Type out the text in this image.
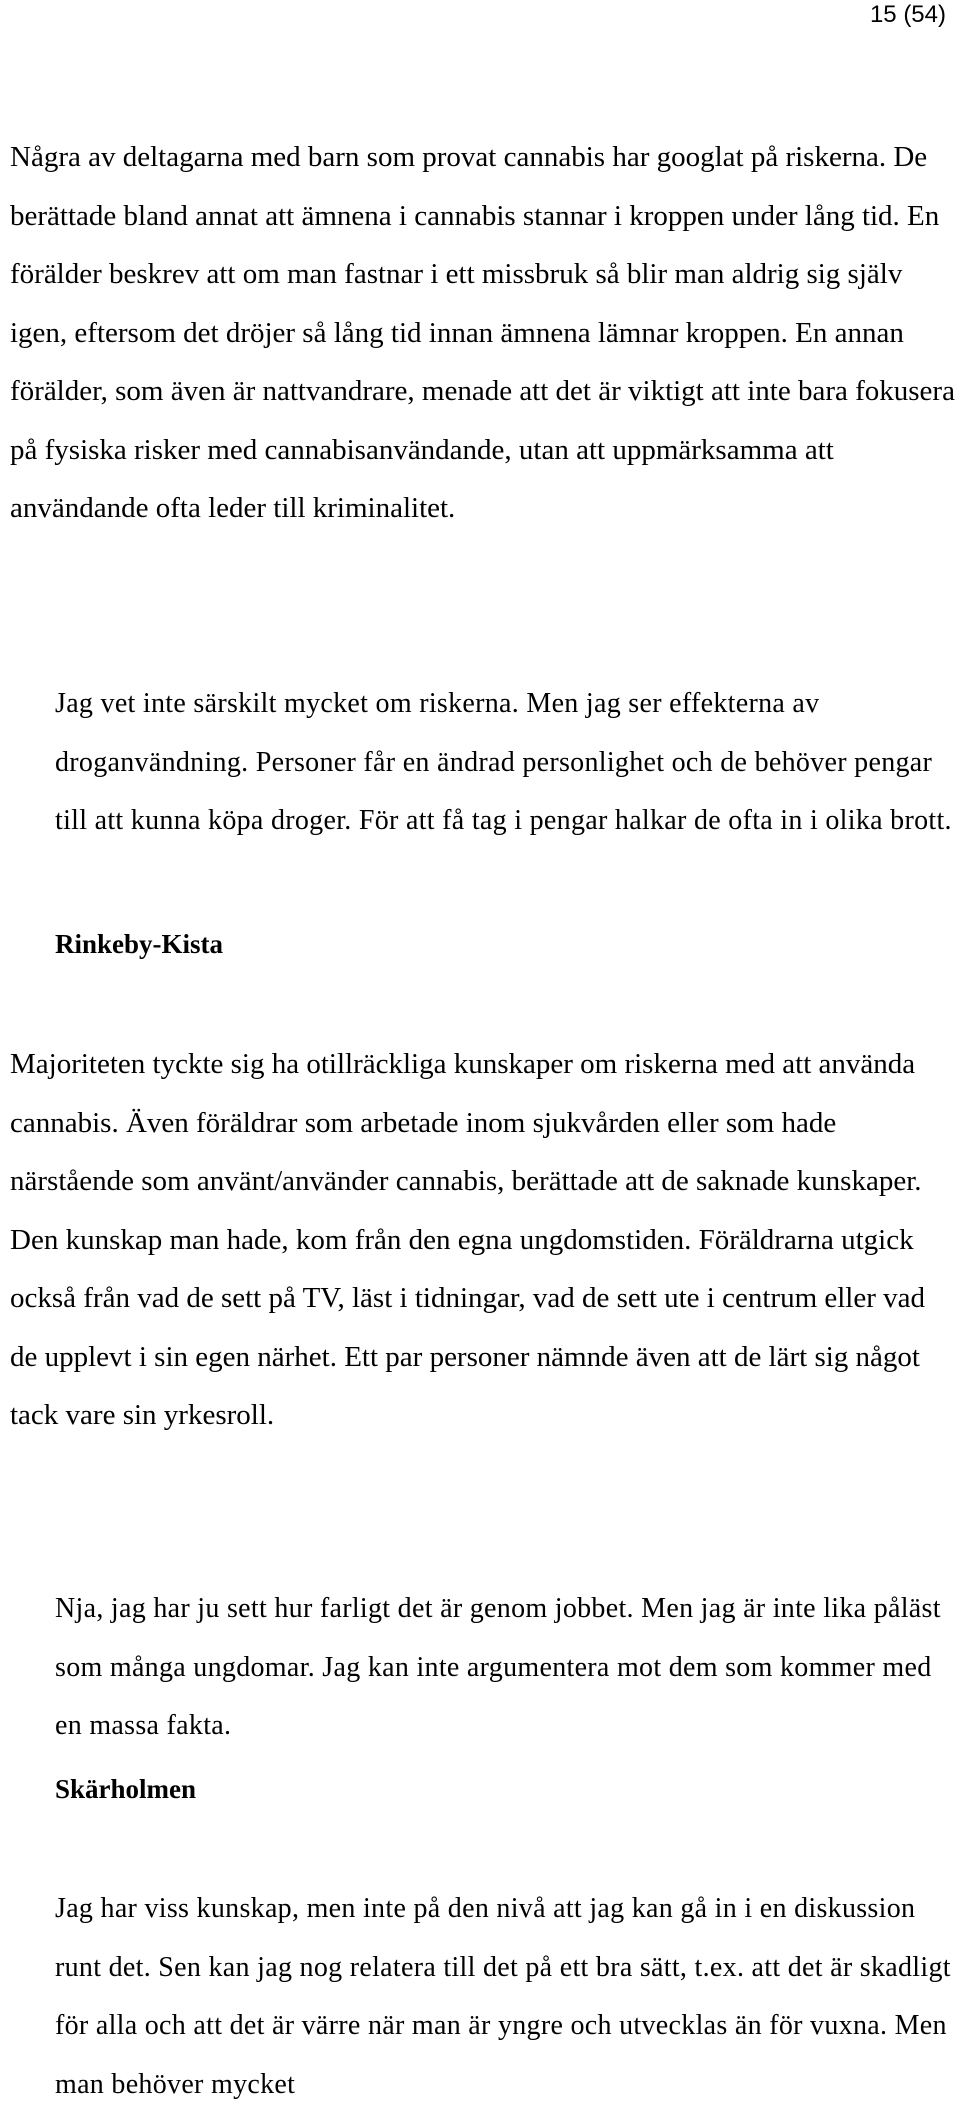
15 (54)

Några av deltagarna med barn som provat cannabis har googlat på riskerna. De berättade bland annat att ämnena i cannabis stannar i kroppen under lång tid. En förälder beskrev att om man fastnar i ett missbruk så blir man aldrig sig själv igen, eftersom det dröjer så lång tid innan ämnena lämnar kroppen. En annan förälder, som även är nattvandrare, menade att det är viktigt att inte bara fokusera på fysiska risker med cannabisanvändande, utan att uppmärksamma att användande ofta leder till kriminalitet.

Jag vet inte särskilt mycket om riskerna. Men jag ser effekterna av droganvändning. Personer får en ändrad personlighet och de behöver pengar till att kunna köpa droger. För att få tag i pengar halkar de ofta in i olika brott.

Rinkeby-Kista

Majoriteten tyckte sig ha otillräckliga kunskaper om riskerna med att använda cannabis. Även föräldrar som arbetade inom sjukvården eller som hade närstående som använt/använder cannabis, berättade att de saknade kunskaper. Den kunskap man hade, kom från den egna ungdomstiden. Föräldrarna utgick också från vad de sett på TV, läst i tidningar, vad de sett ute i centrum eller vad de upplevt i sin egen närhet. Ett par personer nämnde även att de lärt sig något tack vare sin yrkesroll.

Nja, jag har ju sett hur farligt det är genom jobbet. Men jag är inte lika påläst som många ungdomar. Jag kan inte argumentera mot dem som kommer med en massa fakta.

Skärholmen

Jag har viss kunskap, men inte på den nivå att jag kan gå in i en diskussion runt det. Sen kan jag nog relatera till det på ett bra sätt, t.ex. att det är skadligt för alla och att det är värre när man är yngre och utvecklas än för vuxna. Men man behöver mycket
